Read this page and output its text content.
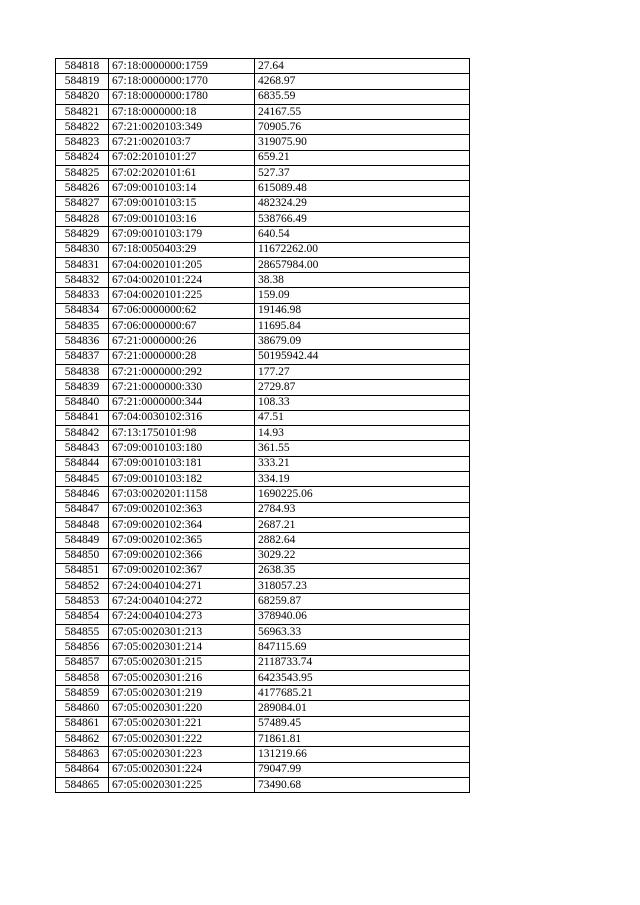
584818	67:18:0000000:1759	27.64
584819	67:18:0000000:1770	4268.97
584820	67:18:0000000:1780	6835.59
584821	67:18:0000000:18	24167.55
584822	67:21:0020103:349	70905.76
584823	67:21:0020103:7	319075.90
584824	67:02:2010101:27	659.21
584825	67:02:2020101:61	527.37
584826	67:09:0010103:14	615089.48
584827	67:09:0010103:15	482324.29
584828	67:09:0010103:16	538766.49
584829	67:09:0010103:179	640.54
584830	67:18:0050403:29	11672262.00
584831	67:04:0020101:205	28657984.00
584832	67:04:0020101:224	38.38
584833	67:04:0020101:225	159.09
584834	67:06:0000000:62	19146.98
584835	67:06:0000000:67	11695.84
584836	67:21:0000000:26	38679.09
584837	67:21:0000000:28	50195942.44
584838	67:21:0000000:292	177.27
584839	67:21:0000000:330	2729.87
584840	67:21:0000000:344	108.33
584841	67:04:0030102:316	47.51
584842	67:13:1750101:98	14.93
584843	67:09:0010103:180	361.55
584844	67:09:0010103:181	333.21
584845	67:09:0010103:182	334.19
584846	67:03:0020201:1158	1690225.06
584847	67:09:0020102:363	2784.93
584848	67:09:0020102:364	2687.21
584849	67:09:0020102:365	2882.64
584850	67:09:0020102:366	3029.22
584851	67:09:0020102:367	2638.35
584852	67:24:0040104:271	318057.23
584853	67:24:0040104:272	68259.87
584854	67:24:0040104:273	378940.06
584855	67:05:0020301:213	56963.33
584856	67:05:0020301:214	847115.69
584857	67:05:0020301:215	2118733.74
584858	67:05:0020301:216	6423543.95
584859	67:05:0020301:219	4177685.21
584860	67:05:0020301:220	289084.01
584861	67:05:0020301:221	57489.45
584862	67:05:0020301:222	71861.81
584863	67:05:0020301:223	131219.66
584864	67:05:0020301:224	79047.99
584865	67:05:0020301:225	73490.68
